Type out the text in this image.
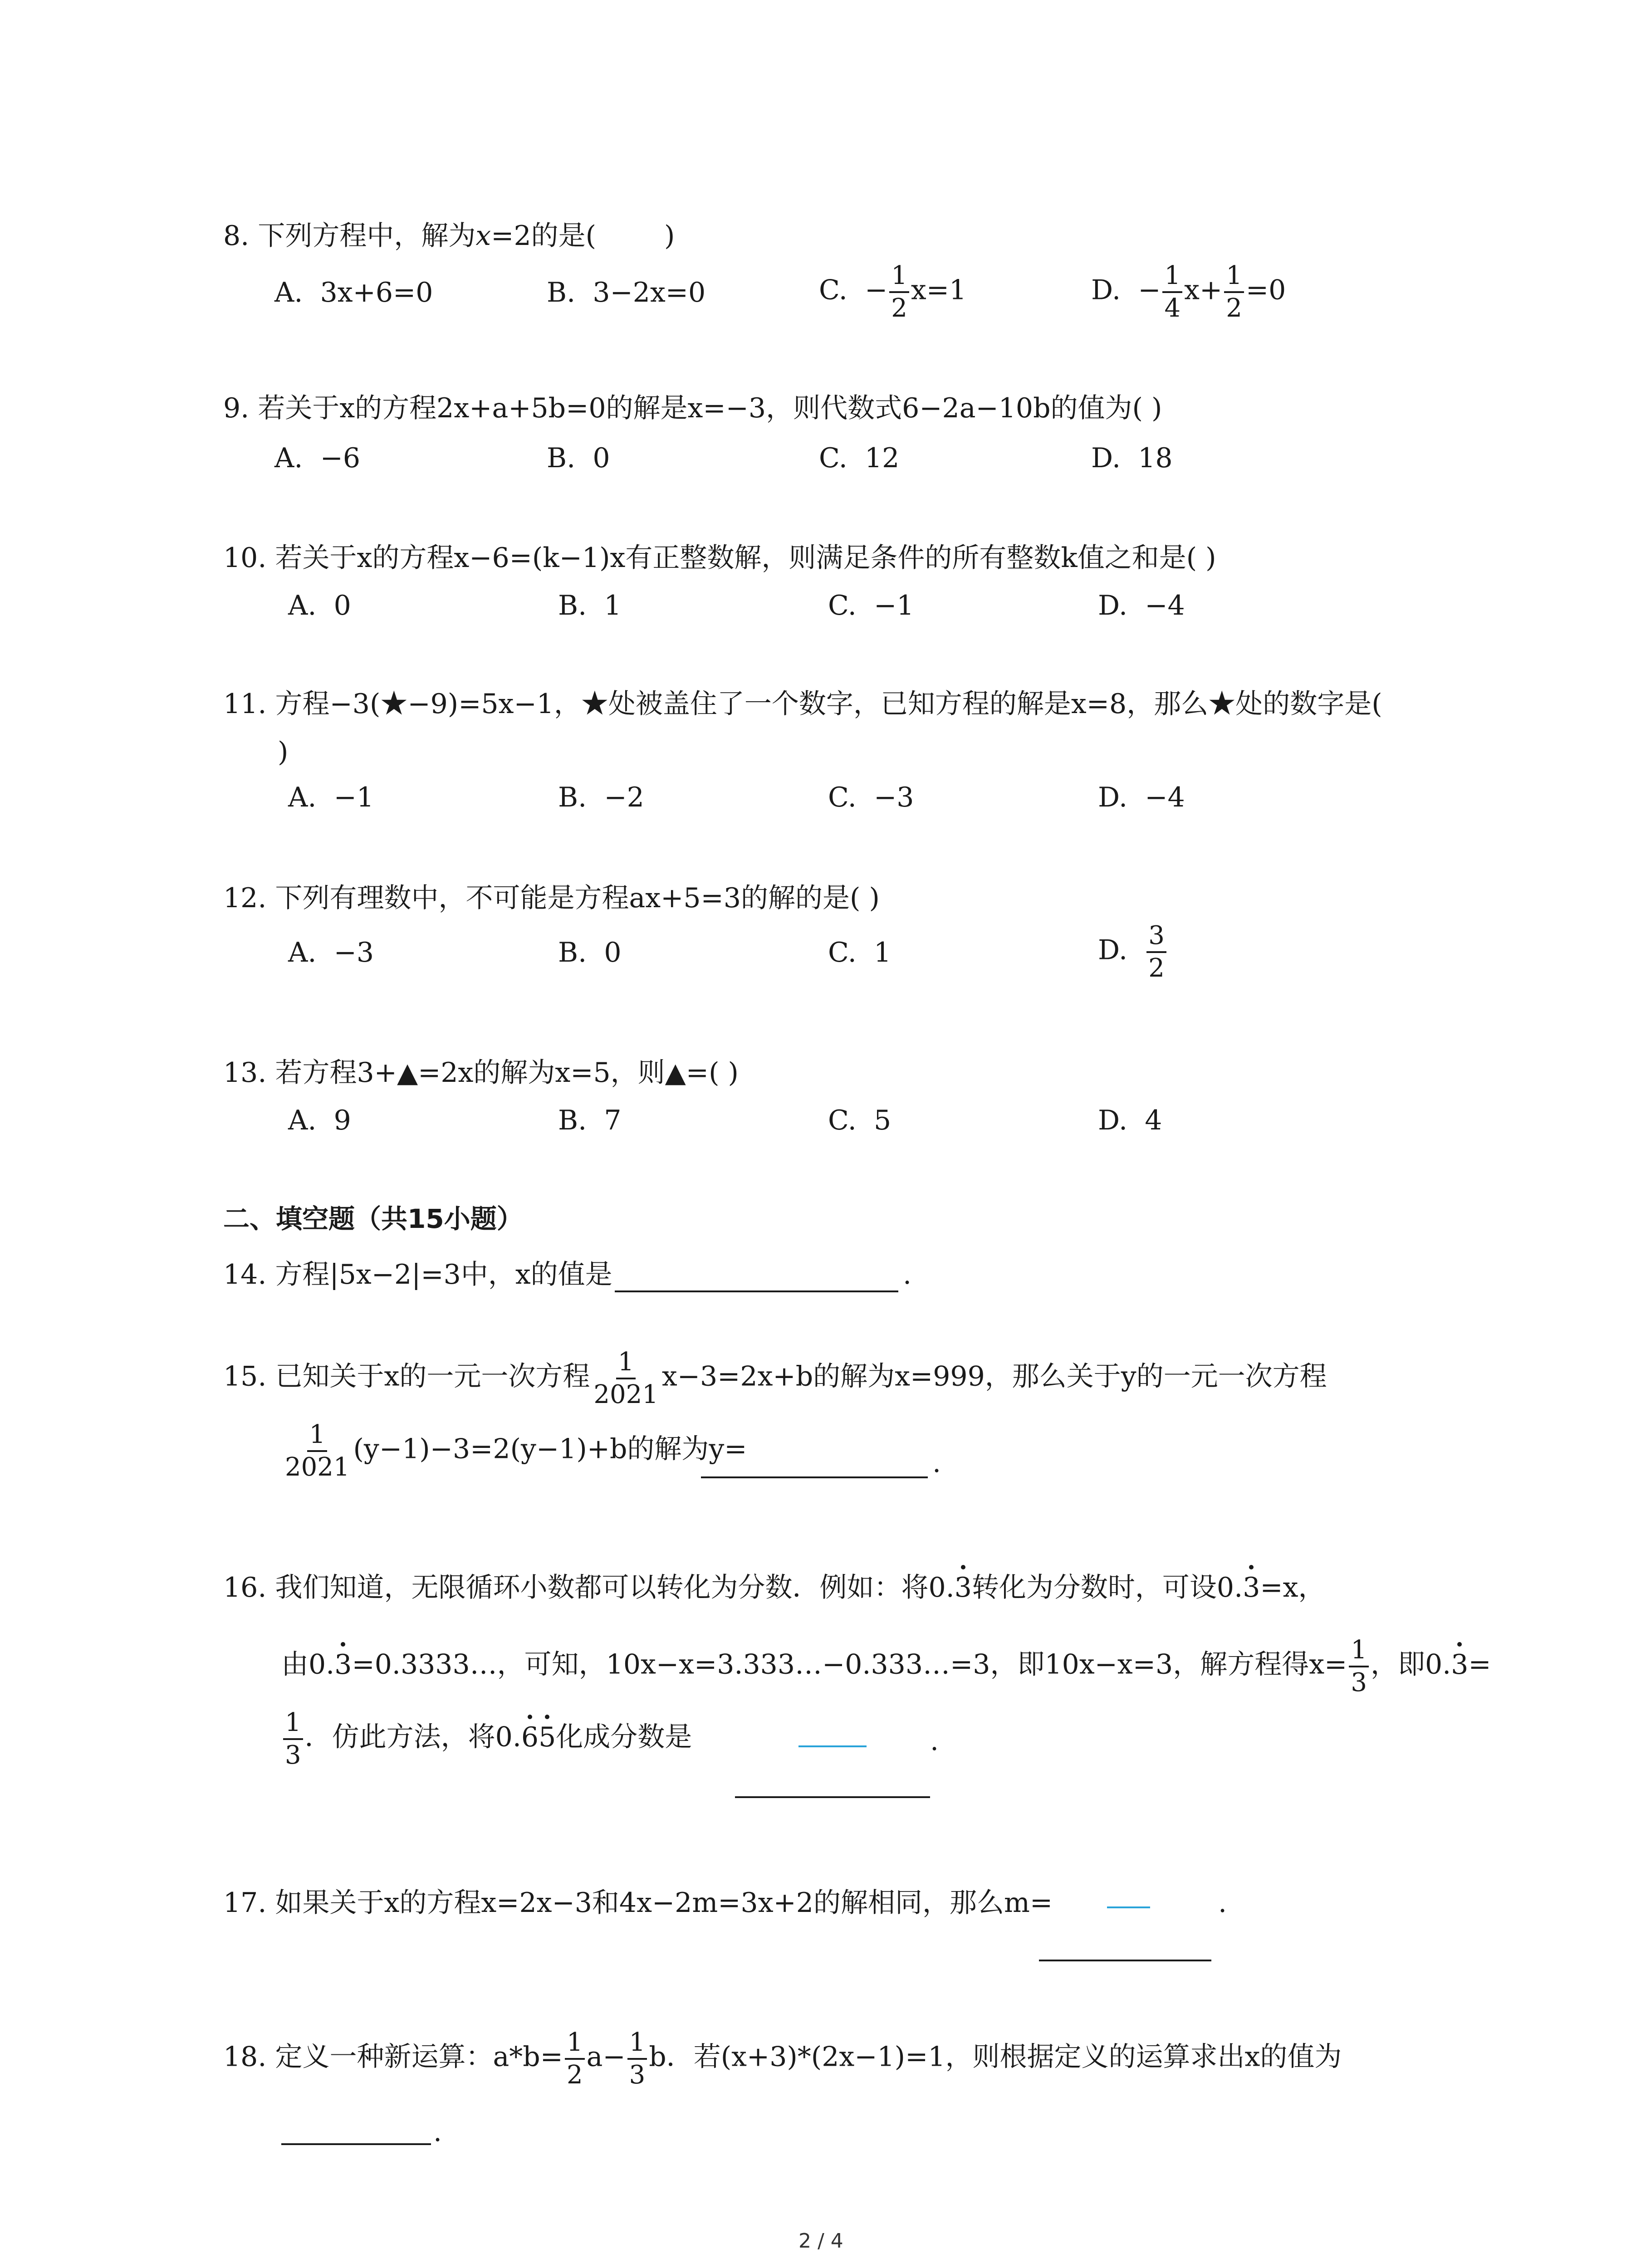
8. 下列方程中，解为x=2的是(	)
A. 3x+6=0	B. 3−2x=0	C. − $\frac{1}{2} x=1$	D. − $\frac{1}{4} x+ \frac{1}{2} =0$
9. 若关于x的方程2x+a+5b=0的解是x=−3，则代数式6−2a−10b的值为( )
A. −6	B. 0	C. 12	D. 18
10. 若关于x的方程x−6=(k−1)x有正整数解，则满足条件的所有整数k值之和是( )
A. 0	B. 1	C. −1	D. −4
11. 方程−3(★−9)=5x−1，★处被盖住了一个数字，已知方程的解是x=8，那么★处的数字是(
)
A. −1	B. −2	C. −3	D. −4
12. 下列有理数中，不可能是方程ax+5=3的解的是( )
A. −3	B. 0	C. 1	D. $\frac{3}{2}$
13. 若方程3+▲=2x的解为x=5，则▲=( )
A. 9	B. 7	C. 5	D. 4
二、填空题（共15小题）
14. 方程|5x−2|=3中，x的值是	.
15. 已知关于x的一元一次方程 $\frac{1}{2021} x-3=2x+b$的解为x=999，那么关于y的一元一次方程
$\frac{1}{2021} (y-1)-3=2(y-1)+b$的解为y=	.
16. 我们知道，无限循环小数都可以转化为分数．例如：将0.3转化为分数时，可设0.3=x，
由0.3=0.3333…，可知，10x−x=3.333…−0.333…=3，即10x−x=3，解方程得$x= \frac{1}{3}$ ，即0.3=
$\frac{1}{3}$ ．仿此方法，将0.65化成分数是	.
17. 如果关于x的方程x=2x−3和4x−2m=3x+2的解相同，那么m=	.
18. 定义一种新运算：$a*b= \frac{1}{2} a- \frac{1}{3}$ b．若(x+3)*(2x−1)=1，则根据定义的运算求出x的值为
.
2 / 4
